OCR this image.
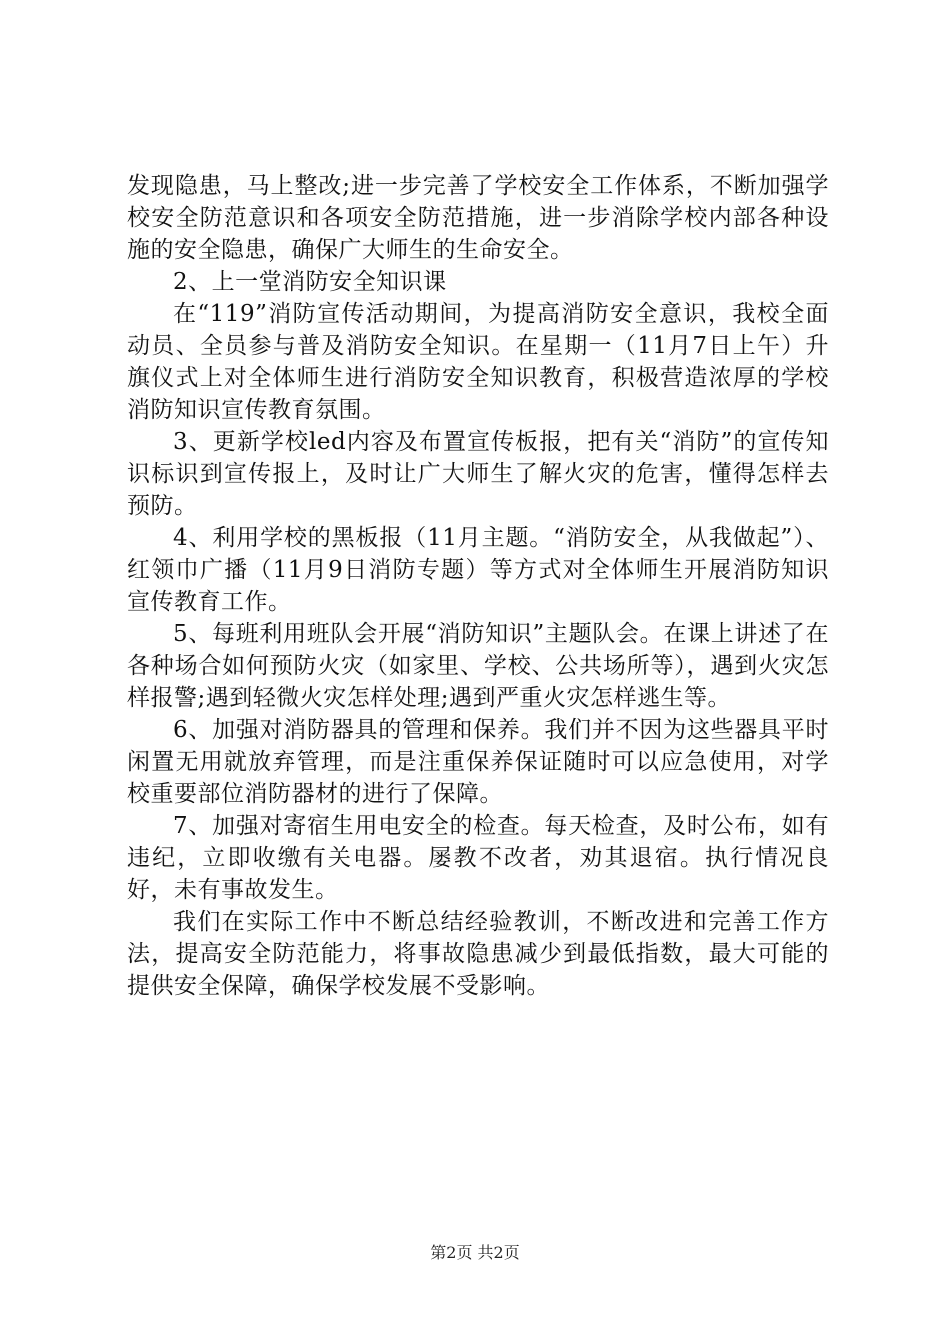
发现隐患，马上整改;进一步完善了学校安全工作体系，不断加强学校安全防范意识和各项安全防范措施，进一步消除学校内部各种设施的安全隐患，确保广大师生的生命安全。

2、上一堂消防安全知识课

在“119”消防宣传活动期间，为提高消防安全意识，我校全面动员、全员参与普及消防安全知识。在星期一（11月7日上午）升旗仪式上对全体师生进行消防安全知识教育，积极营造浓厚的学校消防知识宣传教育氛围。

3、更新学校led内容及布置宣传板报，把有关“消防”的宣传知识标识到宣传报上，及时让广大师生了解火灾的危害，懂得怎样去预防。

4、利用学校的黑板报（11月主题。“消防安全，从我做起”）、红领巾广播（11月9日消防专题）等方式对全体师生开展消防知识宣传教育工作。

5、每班利用班队会开展“消防知识”主题队会。在课上讲述了在各种场合如何预防火灾（如家里、学校、公共场所等），遇到火灾怎样报警;遇到轻微火灾怎样处理;遇到严重火灾怎样逃生等。

6、加强对消防器具的管理和保养。我们并不因为这些器具平时闲置无用就放弃管理，而是注重保养保证随时可以应急使用，对学校重要部位消防器材的进行了保障。

7、加强对寄宿生用电安全的检查。每天检查，及时公布，如有违纪，立即收缴有关电器。屡教不改者，劝其退宿。执行情况良好，未有事故发生。

我们在实际工作中不断总结经验教训，不断改进和完善工作方法，提高安全防范能力，将事故隐患减少到最低指数，最大可能的提供安全保障，确保学校发展不受影响。

第2页 共2页
